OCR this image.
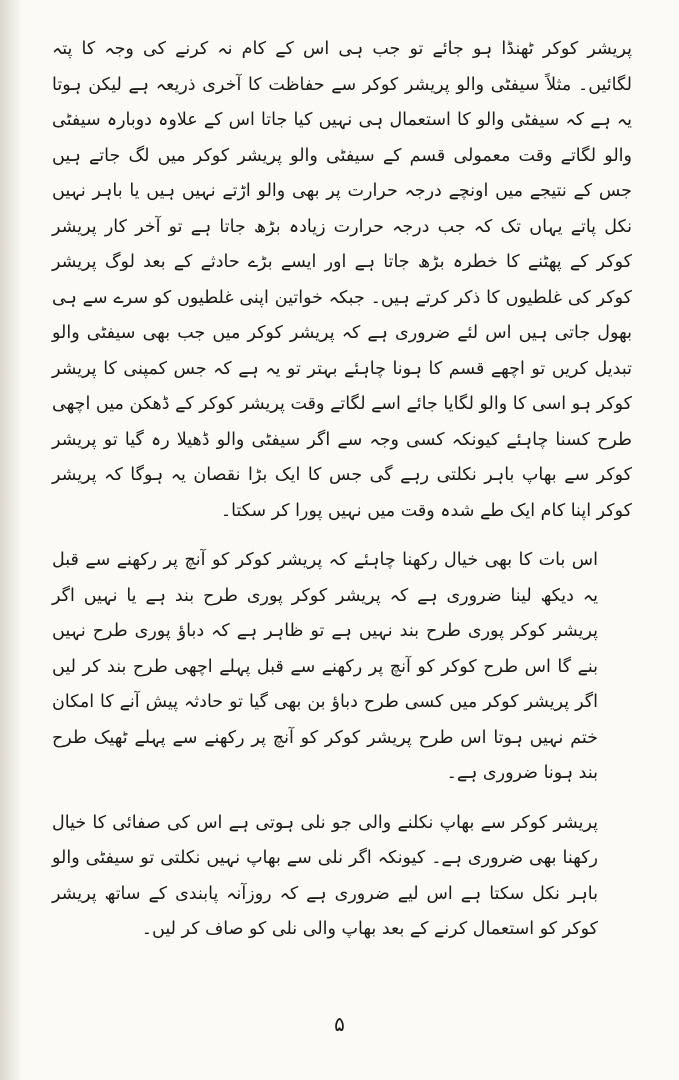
پریشر کوکر ٹھنڈا ہو جائے تو جب ہی اس کے کام نہ کرنے کی وجہ کا پتہ لگائیں۔ مثلاً سیفٹی والو پریشر کوکر سے حفاظت کا آخری ذریعہ ہے لیکن ہوتا یہ ہے کہ سیفٹی والو کا استعمال ہی نہیں کیا جاتا اس کے علاوہ دوبارہ سیفٹی والو لگاتے وقت معمولی قسم کے سیفٹی والو پریشر کوکر میں لگ جاتے ہیں جس کے نتیجے میں اونچے درجہ حرارت پر بھی والو اڑتے نہیں ہیں یا باہر نہیں نکل پاتے یہاں تک کہ جب درجہ حرارت زیادہ بڑھ جاتا ہے تو آخر کار پریشر کوکر کے پھٹنے کا خطرہ بڑھ جاتا ہے اور ایسے بڑے حادثے کے بعد لوگ پریشر کوکر کی غلطیوں کا ذکر کرتے ہیں۔ جبکہ خواتین اپنی غلطیوں کو سرے سے ہی بھول جاتی ہیں اس لئے ضروری ہے کہ پریشر کوکر میں جب بھی سیفٹی والو تبدیل کریں تو اچھے قسم کا ہونا چاہئے بہتر تو یہ ہے کہ جس کمپنی کا پریشر کوکر ہو اسی کا والو لگایا جائے اسے لگاتے وقت پریشر کوکر کے ڈھکن میں اچھی طرح کسنا چاہئے کیونکہ کسی وجہ سے اگر سیفٹی والو ڈھیلا رہ گیا تو پریشر کوکر سے بھاپ باہر نکلتی رہے گی جس کا ایک بڑا نقصان یہ ہوگا کہ پریشر کوکر اپنا کام ایک طے شدہ وقت میں نہیں پورا کر سکتا۔

اس بات کا بھی خیال رکھنا چاہئے کہ پریشر کوکر کو آنچ پر رکھنے سے قبل یہ دیکھ لینا ضروری ہے کہ پریشر کوکر پوری طرح بند ہے یا نہیں اگر پریشر کوکر پوری طرح بند نہیں ہے تو ظاہر ہے کہ دباؤ پوری طرح نہیں بنے گا اس طرح کوکر کو آنچ پر رکھنے سے قبل پہلے اچھی طرح بند کر لیں اگر پریشر کوکر میں کسی طرح دباؤ بن بھی گیا تو حادثہ پیش آنے کا امکان ختم نہیں ہوتا اس طرح پریشر کوکر کو آنچ پر رکھنے سے پہلے ٹھیک طرح بند ہونا ضروری ہے۔

پریشر کوکر سے بھاپ نکلنے والی جو نلی ہوتی ہے اس کی صفائی کا خیال رکھنا بھی ضروری ہے۔ کیونکہ اگر نلی سے بھاپ نہیں نکلتی تو سیفٹی والو باہر نکل سکتا ہے اس لیے ضروری ہے کہ روزآنہ پابندی کے ساتھ پریشر کوکر کو استعمال کرنے کے بعد بھاپ والی نلی کو صاف کر لیں۔

۵
